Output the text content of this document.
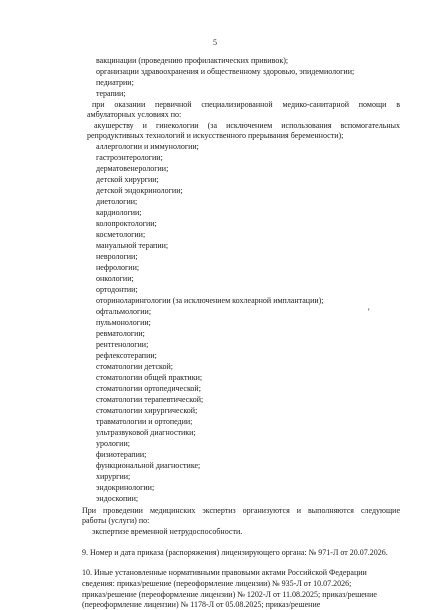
5
вакцинации (проведению профилактических прививок);
организации здравоохранения и общественному здоровью, эпидемиологии;
педиатрии;
терапии;
при оказании первичной специализированной медико-санитарной помощи в
амбулаторных условиях по:
акушерству и гинекологии (за исключением использования вспомогательных
репродуктивных технологий и искусственного прерывания беременности);
аллергологии и иммунологии;
гастроэнтерологии;
дерматовенерологии;
детской хирургии;
детской эндокринологии;
диетологии;
кардиологии;
колопроктологии;
косметологии;
мануальной терапии;
неврологии;
нефрологии;
онкологии;
ортодонтии;
оториноларингологии (за исключением кохлеарной имплантации);
офтальмологии;
пульмонологии;
ревматологии;
рентгенологии;
рефлексотерапии;
стоматологии детской;
стоматологии общей практики;
стоматологии ортопедической;
стоматологии терапевтической;
стоматологии хирургической;
травматологии и ортопедии;
ультразвуковой диагностики;
урологии;
физиотерапии;
функциональной диагностике;
хирургии;
эндокринологии;
эндоскопии;
'
При проведении медицинских экспертиз организуются и выполняются следующие
работы (услуги) по:
экспертизе временной нетрудоспособности.
9. Номер и дата приказа (распоряжения) лицензирующего органа: № 971-Л от 20.07.2026.
10. Иные установленные нормативными правовыми актами Российской Федерации
сведения: приказ/решение (переоформление лицензии) № 935-Л от 10.07.2026;
приказ/решение (переоформление лицензии) № 1202-Л от 11.08.2025; приказ/решение
(переоформление лицензии) № 1178-Л от 05.08.2025; приказ/решение
